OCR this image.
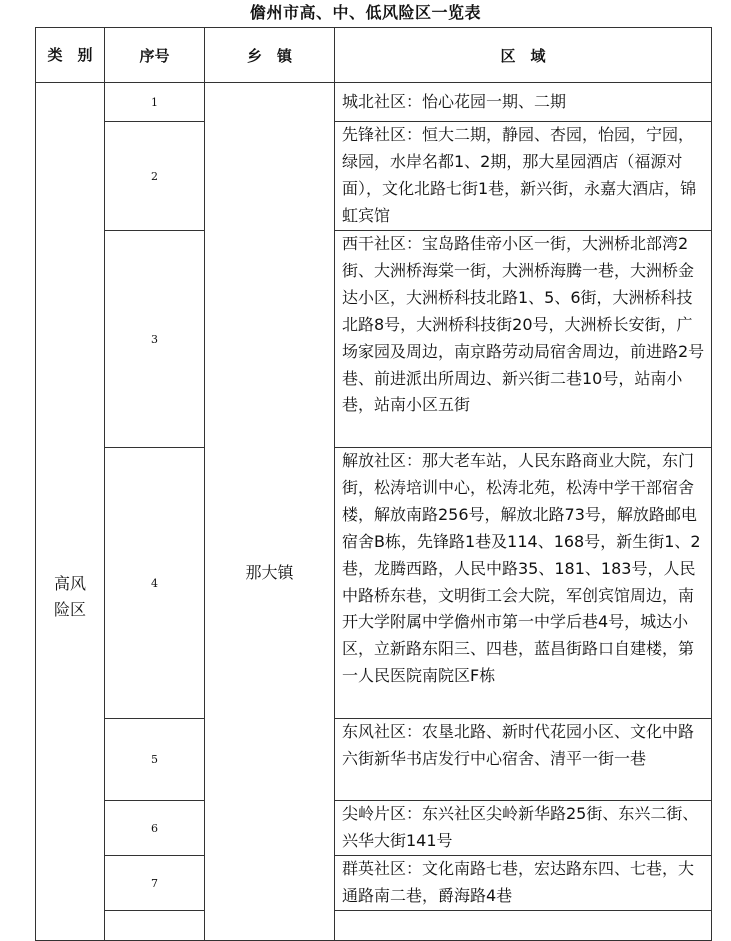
儋州市高、中、低风险区一览表
类　别	序号	乡　镇	区　域

高风险区	1	那大镇	城北社区：怡心花园一期、二期
	2		先锋社区：恒大二期，静园、杏园，怡园，宁园，绿园，水岸名都1、2期，那大星园酒店（福源对面），文化北路七街1巷，新兴街，永嘉大酒店，锦虹宾馆
	3		西干社区：宝岛路佳帝小区一街，大洲桥北部湾2街、大洲桥海棠一街，大洲桥海腾一巷，大洲桥金达小区，大洲桥科技北路1、5、6街，大洲桥科技北路8号，大洲桥科技街20号，大洲桥长安街，广场家园及周边，南京路劳动局宿舍周边，前进路2号巷、前进派出所周边、新兴街二巷10号，站南小巷，站南小区五街
	4		解放社区：那大老车站，人民东路商业大院，东门街，松涛培训中心，松涛北苑，松涛中学干部宿舍楼，解放南路256号，解放北路73号，解放路邮电宿舍B栋，先锋路1巷及114、168号，新生街1、2巷，龙腾西路，人民中路35、181、183号，人民中路桥东巷，文明街工会大院，军创宾馆周边，南开大学附属中学儋州市第一中学后巷4号，城达小区，立新路东阳三、四巷，蓝昌街路口自建楼，第一人民医院南院区F栋
	5		东风社区：农垦北路、新时代花园小区、文化中路六街新华书店发行中心宿舍、清平一街一巷
	6		尖岭片区：东兴社区尖岭新华路25街、东兴二街、兴华大街141号
	7		群英社区：文化南路七巷，宏达路东四、七巷，大通路南二巷，爵海路4巷
